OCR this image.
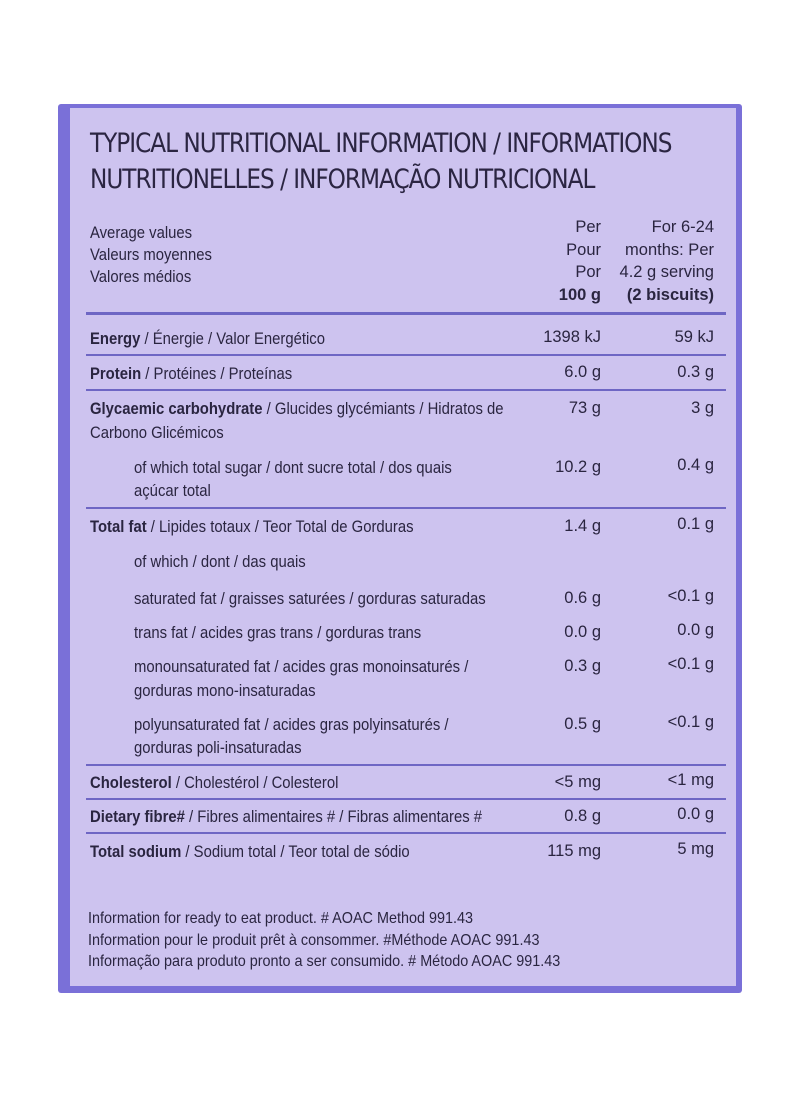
TYPICAL NUTRITIONAL INFORMATION / INFORMATIONS
NUTRITIONELLES / INFORMAÇÃO NUTRICIONAL
Average values
Valeurs moyennes
Valores médios
Per
Pour
Por
100 g
For 6-24
months: Per
4.2 g serving
(2 biscuits)
Energy / Énergie / Valor Energético	1398 kJ	59 kJ
Protein / Protéines / Proteínas	6.0 g	0.3 g
Glycaemic carbohydrate / Glucides glycémiants / Hidratos de
Carbono Glicémicos
73 g	3 g
of which total sugar / dont sucre total / dos quais
açúcar total
10.2 g	0.4 g
Total fat / Lipides totaux / Teor Total de Gorduras	1.4 g	0.1 g
of which / dont / das quais
saturated fat / graisses saturées / gorduras saturadas	0.6 g	<0.1 g
trans fat / acides gras trans / gorduras trans	0.0 g	0.0 g
monounsaturated fat / acides gras monoinsaturés /
gorduras mono-insaturadas
0.3 g	<0.1 g
polyunsaturated fat / acides gras polyinsaturés /
gorduras poli-insaturadas
0.5 g	<0.1 g
Cholesterol / Cholestérol / Colesterol	<5 mg	<1 mg
Dietary fibre# / Fibres alimentaires # / Fibras alimentares #	0.8 g	0.0 g
Total sodium / Sodium total / Teor total de sódio	115 mg	5 mg
Information for ready to eat product. # AOAC Method 991.43
Information pour le produit prêt à consommer. #Méthode AOAC 991.43
Informação para produto pronto a ser consumido. # Método AOAC 991.43
